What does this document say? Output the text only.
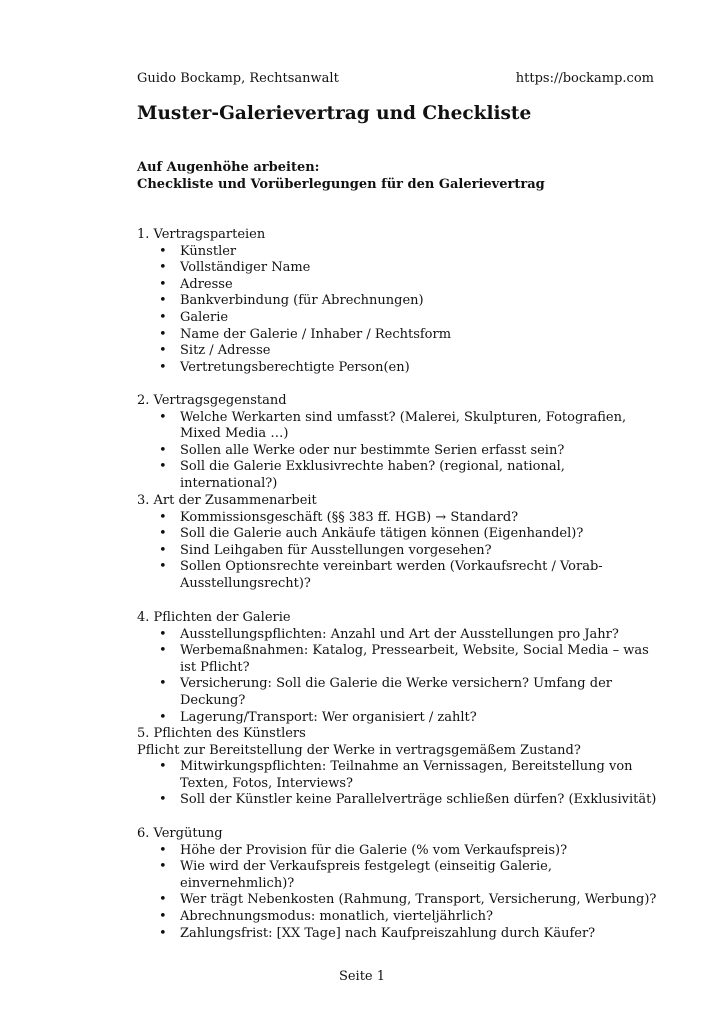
Guido Bockamp, Rechtsanwalt	https://bockamp.com
Muster-Galerievertrag und Checkliste
Auf Augenhöhe arbeiten:
Checkliste und Vorüberlegungen für den Galerievertrag
1. Vertragsparteien
• Künstler
• Vollständiger Name
• Adresse
• Bankverbindung (für Abrechnungen)
• Galerie
• Name der Galerie / Inhaber / Rechtsform
• Sitz / Adresse
• Vertretungsberechtigte Person(en)
2. Vertragsgegenstand
• Welche Werkarten sind umfasst? (Malerei, Skulpturen, Fotografien, Mixed Media …)
• Sollen alle Werke oder nur bestimmte Serien erfasst sein?
• Soll die Galerie Exklusivrechte haben? (regional, national, international?)
3. Art der Zusammenarbeit
• Kommissionsgeschäft (§§ 383 ff. HGB) → Standard?
• Soll die Galerie auch Ankäufe tätigen können (Eigenhandel)?
• Sind Leihgaben für Ausstellungen vorgesehen?
• Sollen Optionsrechte vereinbart werden (Vorkaufsrecht / Vorab-Ausstellungsrecht)?
4. Pflichten der Galerie
• Ausstellungspflichten: Anzahl und Art der Ausstellungen pro Jahr?
• Werbemaßnahmen: Katalog, Pressearbeit, Website, Social Media – was ist Pflicht?
• Versicherung: Soll die Galerie die Werke versichern? Umfang der Deckung?
• Lagerung/Transport: Wer organisiert / zahlt?
5. Pflichten des Künstlers
Pflicht zur Bereitstellung der Werke in vertragsgemäßem Zustand?
• Mitwirkungspflichten: Teilnahme an Vernissagen, Bereitstellung von Texten, Fotos, Interviews?
• Soll der Künstler keine Parallelverträge schließen dürfen? (Exklusivität)
6. Vergütung
• Höhe der Provision für die Galerie (% vom Verkaufspreis)?
• Wie wird der Verkaufspreis festgelegt (einseitig Galerie, einvernehmlich)?
• Wer trägt Nebenkosten (Rahmung, Transport, Versicherung, Werbung)?
• Abrechnungsmodus: monatlich, vierteljährlich?
• Zahlungsfrist: [XX Tage] nach Kaufpreiszahlung durch Käufer?
Seite 1
